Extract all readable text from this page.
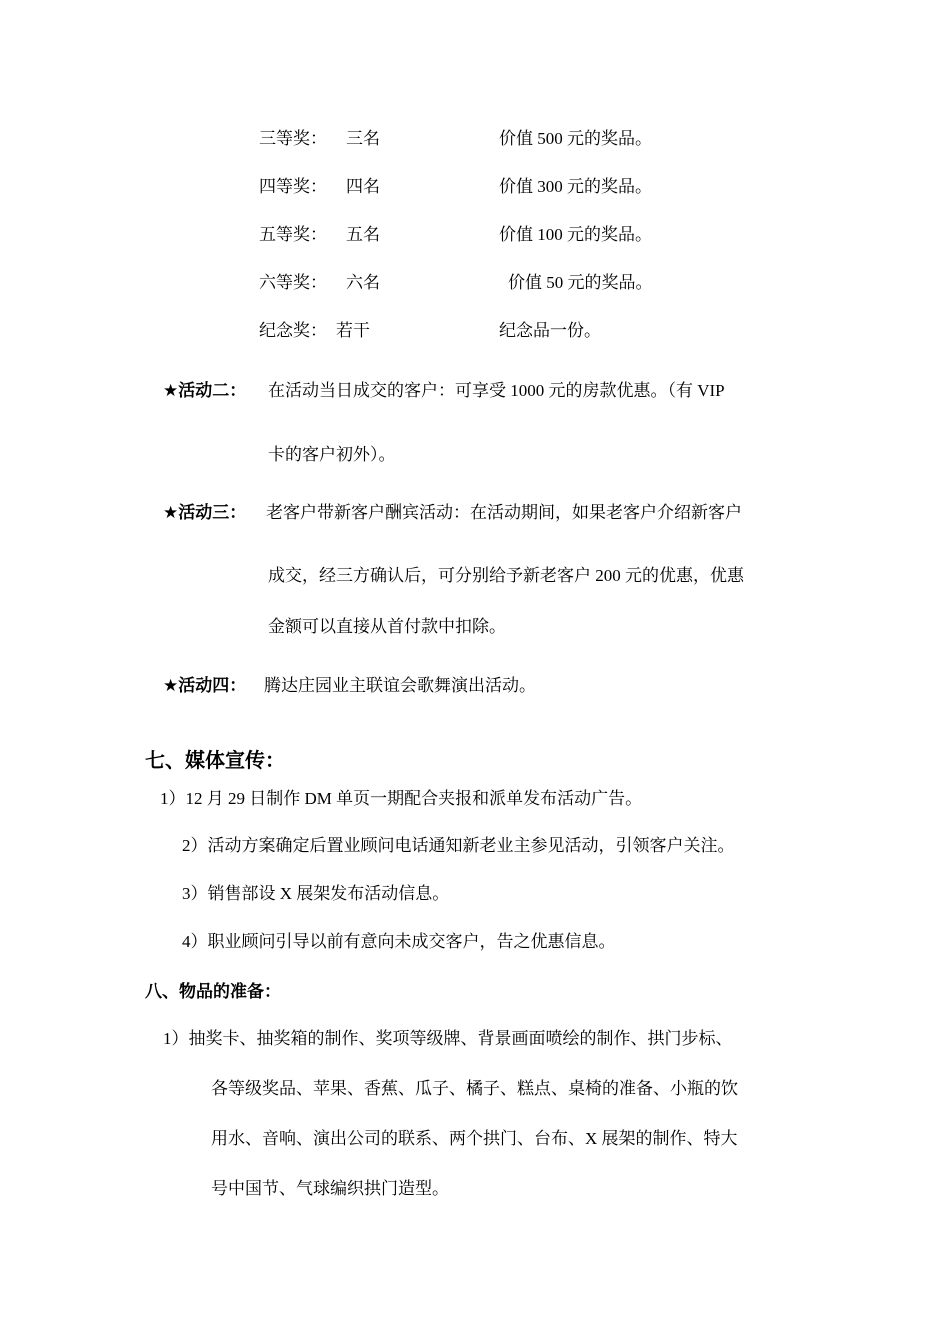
三等奖： 三名	价值 500 元的奖品。
四等奖： 四名	价值 300 元的奖品。
五等奖： 五名	价值 100 元的奖品。
六等奖： 六名	价值 50 元的奖品。
纪念奖： 若干	纪念品一份。
★活动二： 在活动当日成交的客户：可享受 1000 元的房款优惠。（有 VIP
卡的客户初外）。
★活动三： 老客户带新客户酬宾活动：在活动期间，如果老客户介绍新客户
成交，经三方确认后，可分别给予新老客户 200 元的优惠，优惠
金额可以直接从首付款中扣除。
★活动四： 腾达庄园业主联谊会歌舞演出活动。
七、媒体宣传：
1）12 月 29 日制作 DM 单页一期配合夹报和派单发布活动广告。
2）活动方案确定后置业顾问电话通知新老业主参见活动，引领客户关注。
3）销售部设 X 展架发布活动信息。
4）职业顾问引导以前有意向未成交客户，告之优惠信息。
八、物品的准备：
1）抽奖卡、抽奖箱的制作、奖项等级牌、背景画面喷绘的制作、拱门步标、
各等级奖品、苹果、香蕉、瓜子、橘子、糕点、桌椅的准备、小瓶的饮
用水、音响、演出公司的联系、两个拱门、台布、X 展架的制作、特大
号中国节、气球编织拱门造型。
